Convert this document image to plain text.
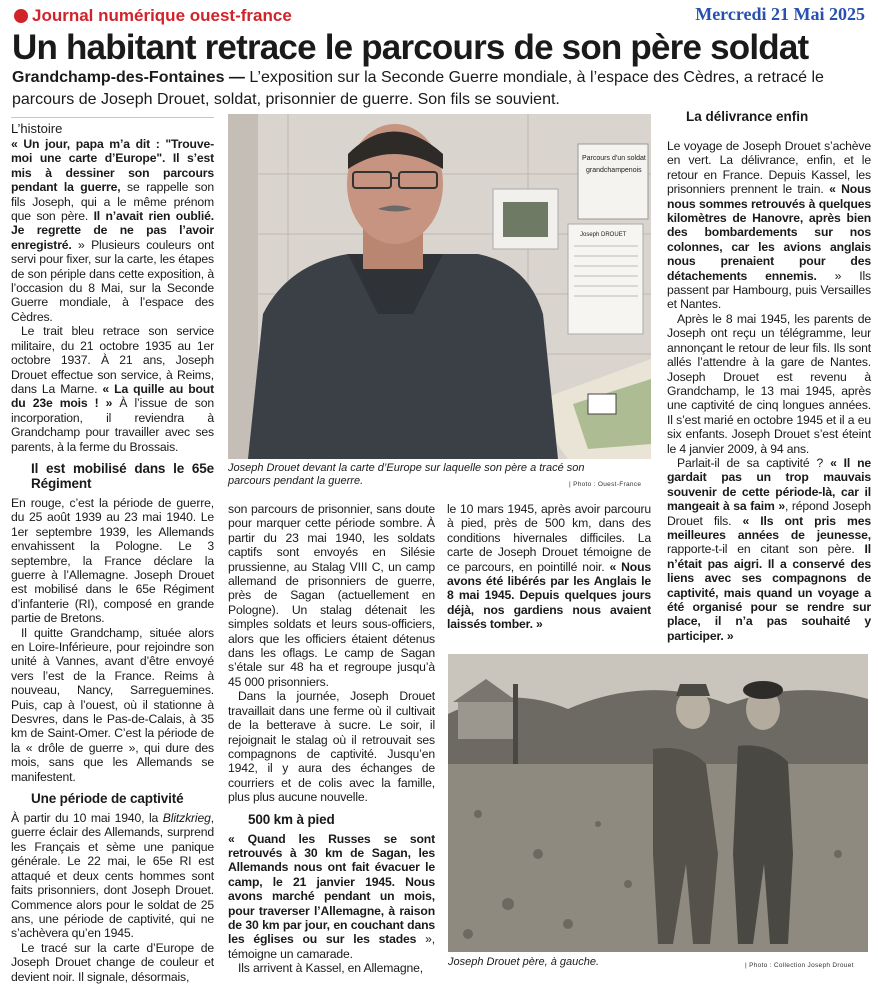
Journal numérique ouest-france	Mercredi 21 Mai 2025
Un habitant retrace le parcours de son père soldat
Grandchamp-des-Fontaines — L’exposition sur la Seconde Guerre mondiale, à l’espace des Cèdres, a retracé le parcours de Joseph Drouet, soldat, prisonnier de guerre. Son fils se souvient.
L’histoire

« Un jour, papa m’a dit : "Trouve-moi une carte d’Europe". Il s’est mis à dessiner son parcours pendant la guerre, se rappelle son fils Joseph, qui a le même prénom que son père. Il n’avait rien oublié. Je regrette de ne pas l’avoir enregistré. » Plusieurs couleurs ont servi pour fixer, sur la carte, les étapes de son périple dans cette exposition, à l’occasion du 8 Mai, sur la Seconde Guerre mondiale, à l’espace des Cèdres.

Le trait bleu retrace son service militaire, du 21 octobre 1935 au 1er octobre 1937. À 21 ans, Joseph Drouet effectue son service, à Reims, dans La Marne. « La quille au bout du 23e mois ! » À l’issue de son incorporation, il reviendra à Grandchamp pour travailler avec ses parents, à la ferme du Brossais.

Il est mobilisé dans le 65e Régiment

En rouge, c’est la période de guerre, du 25 août 1939 au 23 mai 1940. Le 1er septembre 1939, les Allemands envahissent la Pologne. Le 3 septembre, la France déclare la guerre à l’Allemagne. Joseph Drouet est mobilisé dans le 65e Régiment d’infanterie (RI), composé en grande partie de Bretons.

Il quitte Grandchamp, située alors en Loire-Inférieure, pour rejoindre son unité à Vannes, avant d’être envoyé vers l’est de la France. Reims à nouveau, Nancy, Sarreguemines. Puis, cap à l’ouest, où il stationne à Desvres, dans le Pas-de-Calais, à 35 km de Saint-Omer. C’est la période de la « drôle de guerre », qui dure des mois, sans que les Allemands se manifestent.

Une période de captivité

À partir du 10 mai 1940, la Blitzkrieg, guerre éclair des Allemands, surprend les Français et sème une panique générale. Le 22 mai, le 65e RI est attaqué et deux cents hommes sont faits prisonniers, dont Joseph Drouet. Commence alors pour le soldat de 25 ans, une période de captivité, qui ne s’achèvera qu’en 1945.

Le tracé sur la carte d’Europe de Joseph Drouet change de couleur et devient noir. Il signale, désormais,

Parcours d’un soldat
grandchampenois
Joseph DROUET
Joseph Drouet devant la carte d’Europe sur laquelle son père a tracé son parcours pendant la guerre.	| Photo : Ouest-France

son parcours de prisonnier, sans doute pour marquer cette période sombre. À partir du 23 mai 1940, les soldats captifs sont envoyés en Silésie prussienne, au Stalag VIII C, un camp allemand de prisonniers de guerre, près de Sagan (actuellement en Pologne). Un stalag détenait les simples soldats et leurs sous-officiers, alors que les officiers étaient détenus dans les oflags. Le camp de Sagan s’étale sur 48 ha et regroupe jusqu’à 45 000 prisonniers.

Dans la journée, Joseph Drouet travaillait dans une ferme où il cultivait de la betterave à sucre. Le soir, il rejoignait le stalag où il retrouvait ses compagnons de captivité. Jusqu’en 1942, il y aura des échanges de courriers et de colis avec la famille, plus plus aucune nouvelle.

500 km à pied

« Quand les Russes se sont retrouvés à 30 km de Sagan, les Allemands nous ont fait évacuer le camp, le 21 janvier 1945. Nous avons marché pendant un mois, pour traverser l’Allemagne, à raison de 30 km par jour, en couchant dans les églises ou sur les stades », témoigne un camarade.

Ils arrivent à Kassel, en Allemagne,

le 10 mars 1945, après avoir parcouru à pied, près de 500 km, dans des conditions hivernales difficiles. La carte de Joseph Drouet témoigne de ce parcours, en pointillé noir. « Nous avons été libérés par les Anglais le 8 mai 1945. Depuis quelques jours déjà, nos gardiens nous avaient laissés tomber. »

La délivrance enfin

Le voyage de Joseph Drouet s’achève en vert. La délivrance, enfin, et le retour en France. Depuis Kassel, les prisonniers prennent le train. « Nous nous sommes retrouvés à quelques kilomètres de Hanovre, après bien des bombardements sur nos colonnes, car les avions anglais nous prenaient pour des détachements ennemis. » Ils passent par Hambourg, puis Versailles et Nantes.

Après le 8 mai 1945, les parents de Joseph ont reçu un télégramme, leur annonçant le retour de leur fils. Ils sont allés l’attendre à la gare de Nantes. Joseph Drouet est revenu à Grandchamp, le 13 mai 1945, après une captivité de cinq longues années. Il s’est marié en octobre 1945 et il a eu six enfants. Joseph Drouet s’est éteint le 4 janvier 2009, à 94 ans.

Parlait-il de sa captivité ? « Il ne gardait pas un trop mauvais souvenir de cette période-là, car il mangeait à sa faim », répond Joseph Drouet fils. « Ils ont pris mes meilleures années de jeunesse, rapporte-t-il en citant son père. Il n’était pas aigri. Il a conservé des liens avec ses compagnons de captivité, mais quand un voyage a été organisé pour se rendre sur place, il n’a pas souhaité y participer. »

Joseph Drouet père, à gauche.	| Photo : Collection Joseph Drouet
